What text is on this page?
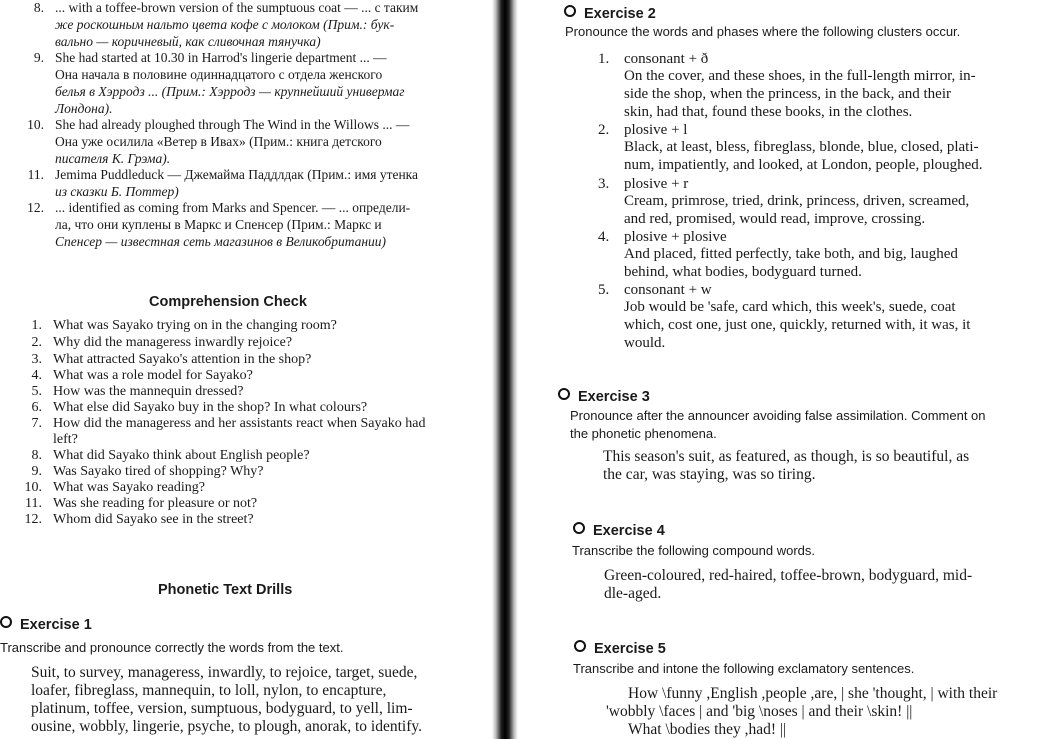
8. ... with a toffee-brown version of the sumptuous coat — ... с таким
же роскошным нальто цвета кофе с молоком (Прим.: бук-
вально — коричневый, как сливочная тянучка)
9. She had started at 10.30 in Harrod's lingerie department ... —
Она начала в половине одиннадцатого с отдела женского
белья в Хэрродз ... (Прим.: Хэрродз — крупнейший универмаг
Лондона).
10. She had already ploughed through The Wind in the Willows ... —
Она уже осилила «Ветер в Ивах» (Прим.: книга детского
писателя К. Грэма).
11. Jemima Puddleduck — Джемайма Паддлдак (Прим.: имя утенка
из сказки Б. Поттер)
12. ... identified as coming from Marks and Spencer. — ... определи-
ла, что они куплены в Маркс и Спенсер (Прим.: Маркс и
Спенсер — известная сеть магазинов в Великобритании)
Comprehension Check
1. What was Sayako trying on in the changing room?
2. Why did the manageress inwardly rejoice?
3. What attracted Sayako's attention in the shop?
4. What was a role model for Sayako?
5. How was the mannequin dressed?
6. What else did Sayako buy in the shop? In what colours?
7. How did the manageress and her assistants react when Sayako had
left?
8. What did Sayako think about English people?
9. Was Sayako tired of shopping? Why?
10. What was Sayako reading?
11. Was she reading for pleasure or not?
12. Whom did Sayako see in the street?
Phonetic Text Drills
Exercise 1
Transcribe and pronounce correctly the words from the text.
Suit, to survey, manageress, inwardly, to rejoice, target, suede,
loafer, fibreglass, mannequin, to loll, nylon, to encapture,
platinum, toffee, version, sumptuous, bodyguard, to yell, lim-
ousine, wobbly, lingerie, psyche, to plough, anorak, to identify.
Exercise 2
Pronounce the words and phases where the following clusters occur.
1. consonant + ð
On the cover, and these shoes, in the full-length mirror, in-
side the shop, when the princess, in the back, and their
skin, had that, found these books, in the clothes.
2. plosive + l
Black, at least, bless, fibreglass, blonde, blue, closed, plati-
num, impatiently, and looked, at London, people, ploughed.
3. plosive + r
Cream, primrose, tried, drink, princess, driven, screamed,
and red, promised, would read, improve, crossing.
4. plosive + plosive
And placed, fitted perfectly, take both, and big, laughed
behind, what bodies, bodyguard turned.
5. consonant + w
Job would be 'safe, card which, this week's, suede, coat
which, cost one, just one, quickly, returned with, it was, it
would.
Exercise 3
Pronounce after the announcer avoiding false assimilation. Comment on
the phonetic phenomena.
This season's suit, as featured, as though, is so beautiful, as
the car, was staying, was so tiring.
Exercise 4
Transcribe the following compound words.
Green-coloured, red-haired, toffee-brown, bodyguard, mid-
dle-aged.
Exercise 5
Transcribe and intone the following exclamatory sentences.
How \funny ,English ,people ,are, | she 'thought, | with their
'wobbly \faces | and 'big \noses | and their \skin! ||
What \bodies they ,had! ||
